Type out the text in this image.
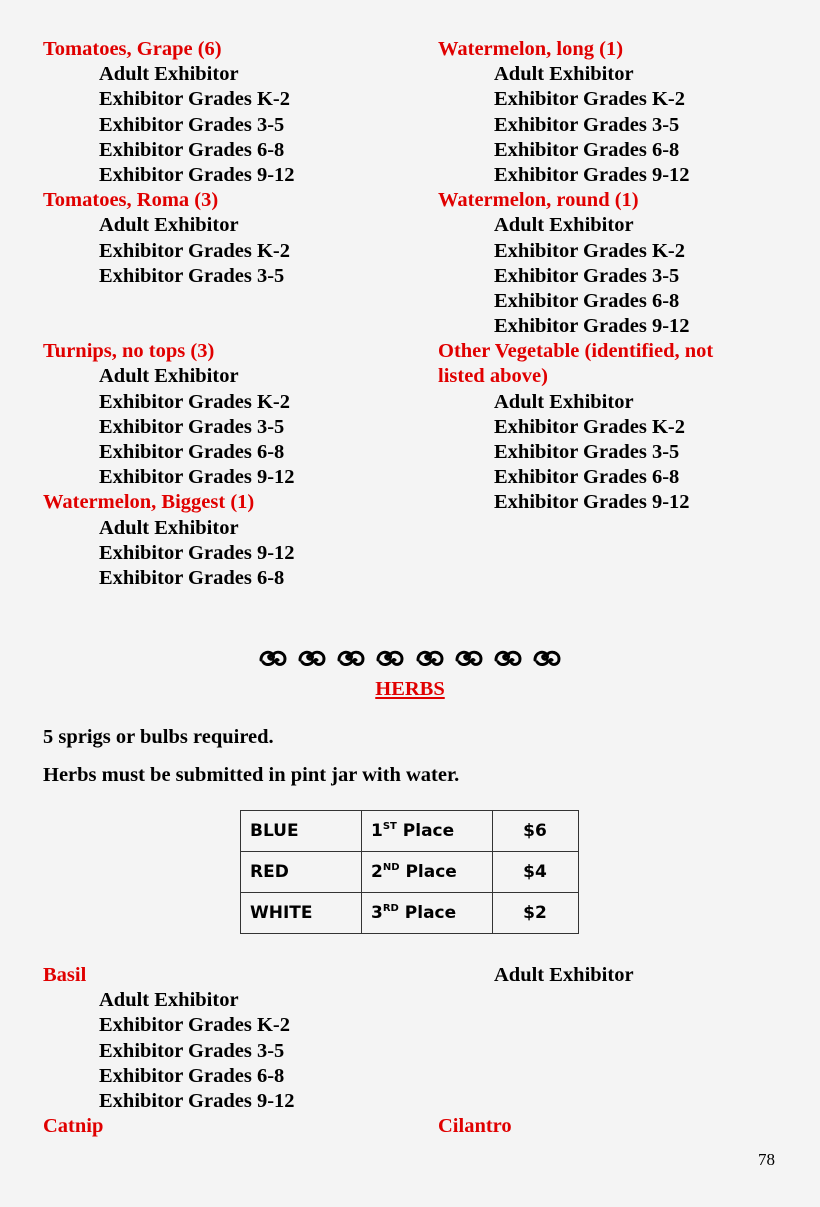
Tomatoes, Grape (6)
Adult Exhibitor
Exhibitor Grades K-2
Exhibitor Grades 3-5
Exhibitor Grades 6-8
Exhibitor Grades 9-12
Tomatoes, Roma (3)
Adult Exhibitor
Exhibitor Grades K-2
Exhibitor Grades 3-5
Turnips, no tops (3)
Adult Exhibitor
Exhibitor Grades K-2
Exhibitor Grades 3-5
Exhibitor Grades 6-8
Exhibitor Grades 9-12
Watermelon, Biggest (1)
Adult Exhibitor
Exhibitor Grades 9-12
Exhibitor Grades 6-8
Watermelon, long (1)
Adult Exhibitor
Exhibitor Grades K-2
Exhibitor Grades 3-5
Exhibitor Grades 6-8
Exhibitor Grades 9-12
Watermelon, round (1)
Adult Exhibitor
Exhibitor Grades K-2
Exhibitor Grades 3-5
Exhibitor Grades 6-8
Exhibitor Grades 9-12
Other Vegetable (identified, not
listed above)
Adult Exhibitor
Exhibitor Grades K-2
Exhibitor Grades 3-5
Exhibitor Grades 6-8
Exhibitor Grades 9-12
HERBS
5 sprigs or bulbs required.
Herbs must be submitted in pint jar with water.
BLUE	1ST Place	$6
RED	2ND Place	$4
WHITE	3RD Place	$2
Basil
Adult Exhibitor
Exhibitor Grades K-2
Exhibitor Grades 3-5
Exhibitor Grades 6-8
Exhibitor Grades 9-12
Adult Exhibitor
Catnip	Cilantro
78
